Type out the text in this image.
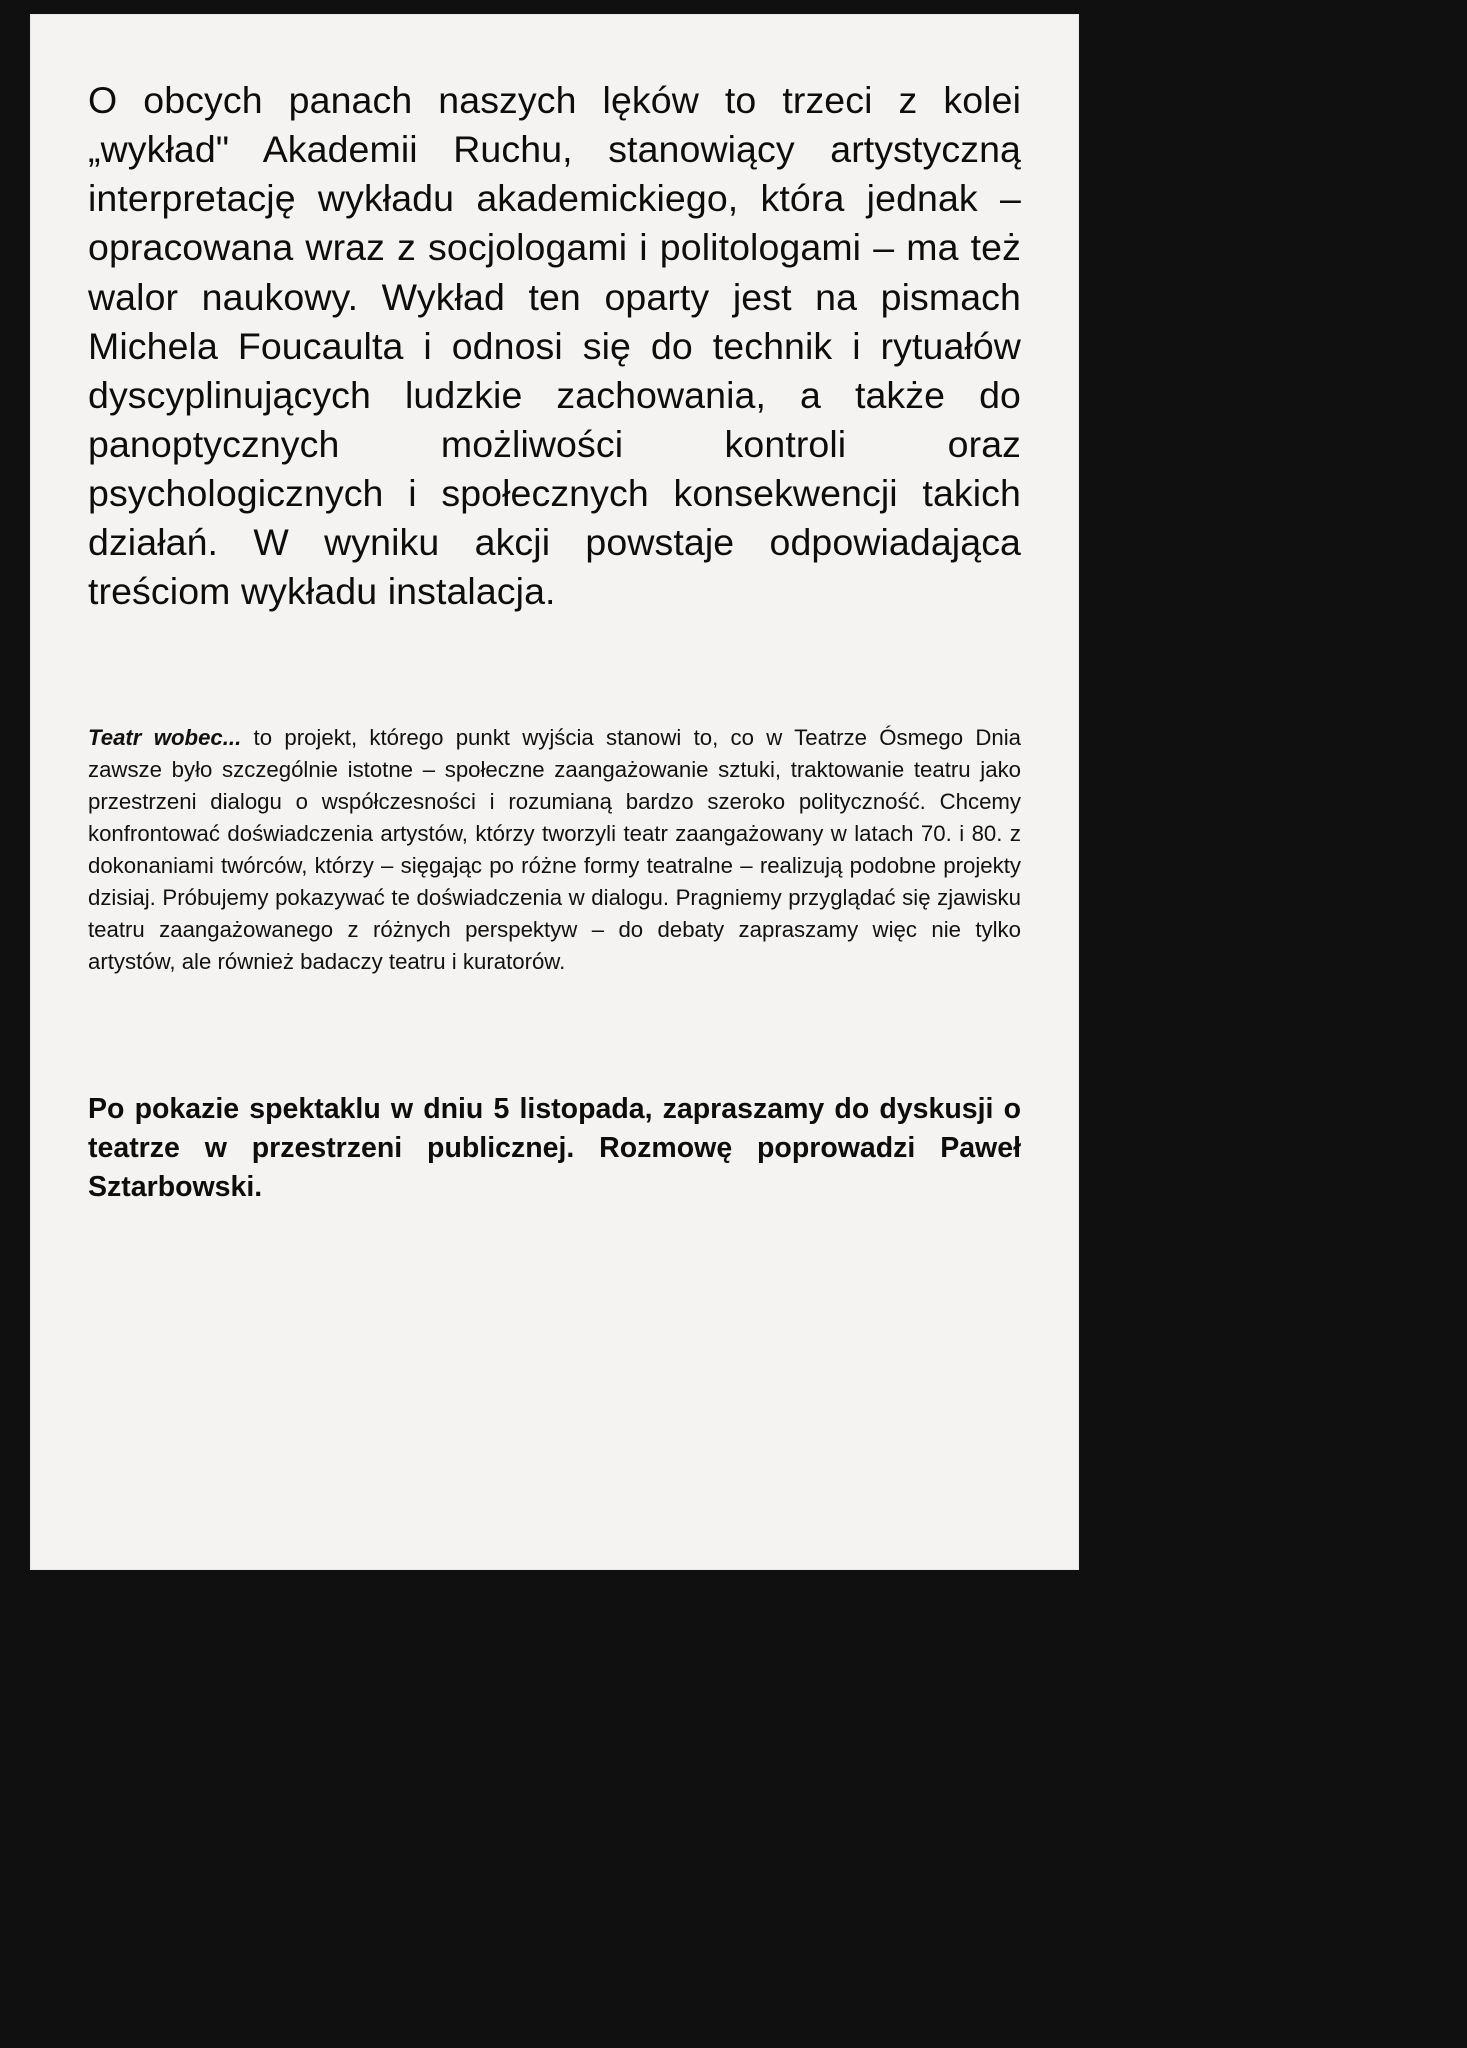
O obcych panach naszych lęków to trzeci z kolei „wykład" Akademii Ruchu, stanowiący artystyczną interpretację wykładu akademickiego, która jednak – opracowana wraz z socjologami i politologami – ma też walor naukowy. Wykład ten oparty jest na pismach Michela Foucaulta i odnosi się do technik i rytuałów dyscyplinujących ludzkie zachowania, a także do panoptycznych możliwości kontroli oraz psychologicznych i społecznych konsekwencji takich działań. W wyniku akcji powstaje odpowiadająca treściom wykładu instalacja.

Teatr wobec... to projekt, którego punkt wyjścia stanowi to, co w Teatrze Ósmego Dnia zawsze było szczególnie istotne – społeczne zaangażowanie sztuki, traktowanie teatru jako przestrzeni dialogu o współczesności i rozumianą bardzo szeroko polityczność. Chcemy konfrontować doświadczenia artystów, którzy tworzyli teatr zaangażowany w latach 70. i 80. z dokonaniami twórców, którzy – sięgając po różne formy teatralne – realizują podobne projekty dzisiaj. Próbujemy pokazywać te doświadczenia w dialogu. Pragniemy przyglądać się zjawisku teatru zaangażowanego z różnych perspektyw – do debaty zapraszamy więc nie tylko artystów, ale również badaczy teatru i kuratorów.

Po pokazie spektaklu w dniu 5 listopada, zapraszamy do dyskusji o teatrze w przestrzeni publicznej. Rozmowę poprowadzi Paweł Sztarbowski.
